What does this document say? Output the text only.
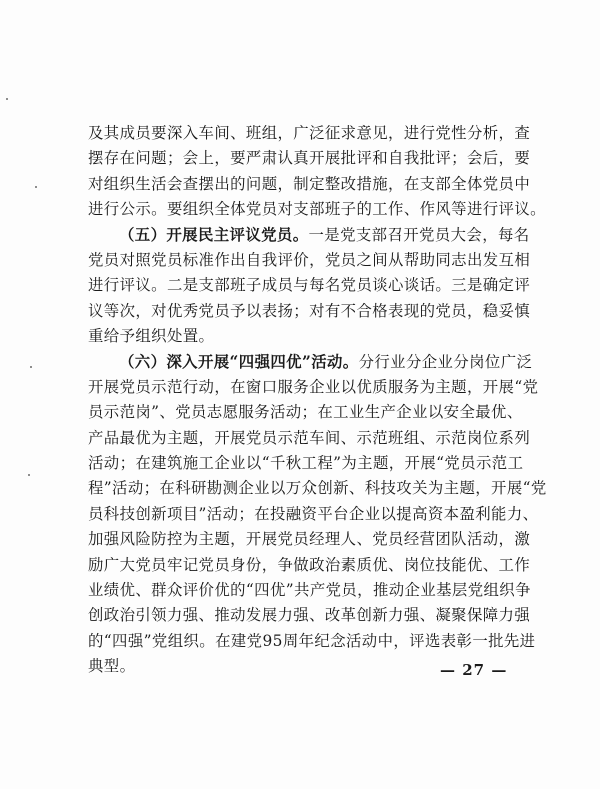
及其成员要深入车间、班组，广泛征求意见，进行党性分析，查
摆存在问题；会上，要严肃认真开展批评和自我批评；会后，要
对组织生活会查摆出的问题，制定整改措施，在支部全体党员中
进行公示。要组织全体党员对支部班子的工作、作风等进行评议。
（五）开展民主评议党员。一是党支部召开党员大会，每名
党员对照党员标准作出自我评价，党员之间从帮助同志出发互相
进行评议。二是支部班子成员与每名党员谈心谈话。三是确定评
议等次，对优秀党员予以表扬；对有不合格表现的党员，稳妥慎
重给予组织处置。
（六）深入开展“四强四优”活动。分行业分企业分岗位广泛
开展党员示范行动，在窗口服务企业以优质服务为主题，开展“党
员示范岗”、党员志愿服务活动；在工业生产企业以安全最优、
产品最优为主题，开展党员示范车间、示范班组、示范岗位系列
活动；在建筑施工企业以“千秋工程”为主题，开展“党员示范工
程”活动；在科研勘测企业以万众创新、科技攻关为主题，开展“党
员科技创新项目”活动；在投融资平台企业以提高资本盈利能力、
加强风险防控为主题，开展党员经理人、党员经营团队活动，激
励广大党员牢记党员身份，争做政治素质优、岗位技能优、工作
业绩优、群众评价优的“四优”共产党员，推动企业基层党组织争
创政治引领力强、推动发展力强、改革创新力强、凝聚保障力强
的“四强”党组织。在建党95周年纪念活动中，评选表彰一批先进
典型。	— 27 —
